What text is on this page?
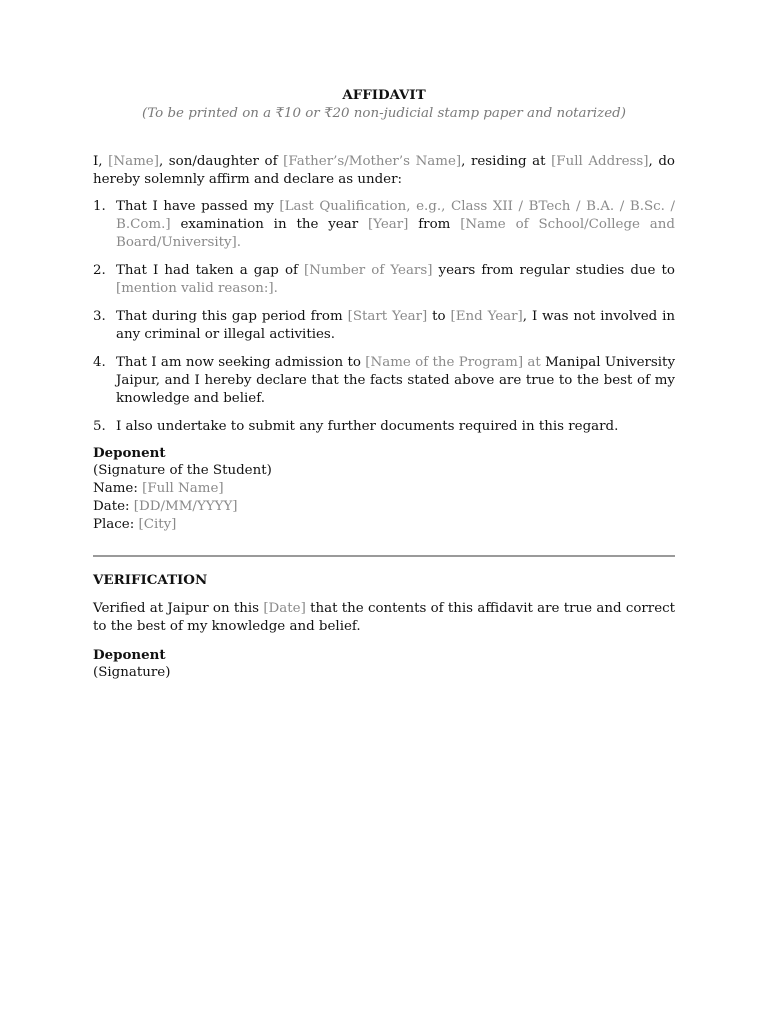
AFFIDAVIT

(To be printed on a ₹10 or ₹20 non-judicial stamp paper and notarized)

I, [Name], son/daughter of [Father’s/Mother’s Name], residing at [Full Address], do hereby solemnly affirm and declare as under:

1. That I have passed my [Last Qualification, e.g., Class XII / BTech / B.A. / B.Sc. / B.Com.] examination in the year [Year] from [Name of School/College and Board/University].
2. That I had taken a gap of [Number of Years] years from regular studies due to [mention valid reason:].
3. That during this gap period from [Start Year] to [End Year], I was not involved in any criminal or illegal activities.
4. That I am now seeking admission to [Name of the Program] at Manipal University Jaipur, and I hereby declare that the facts stated above are true to the best of my knowledge and belief.
5. I also undertake to submit any further documents required in this regard.
Deponent
(Signature of the Student)
Name: [Full Name]
Date: [DD/MM/YYYY]
Place: [City]
VERIFICATION

Verified at Jaipur on this [Date] that the contents of this affidavit are true and correct to the best of my knowledge and belief.

Deponent
(Signature)
